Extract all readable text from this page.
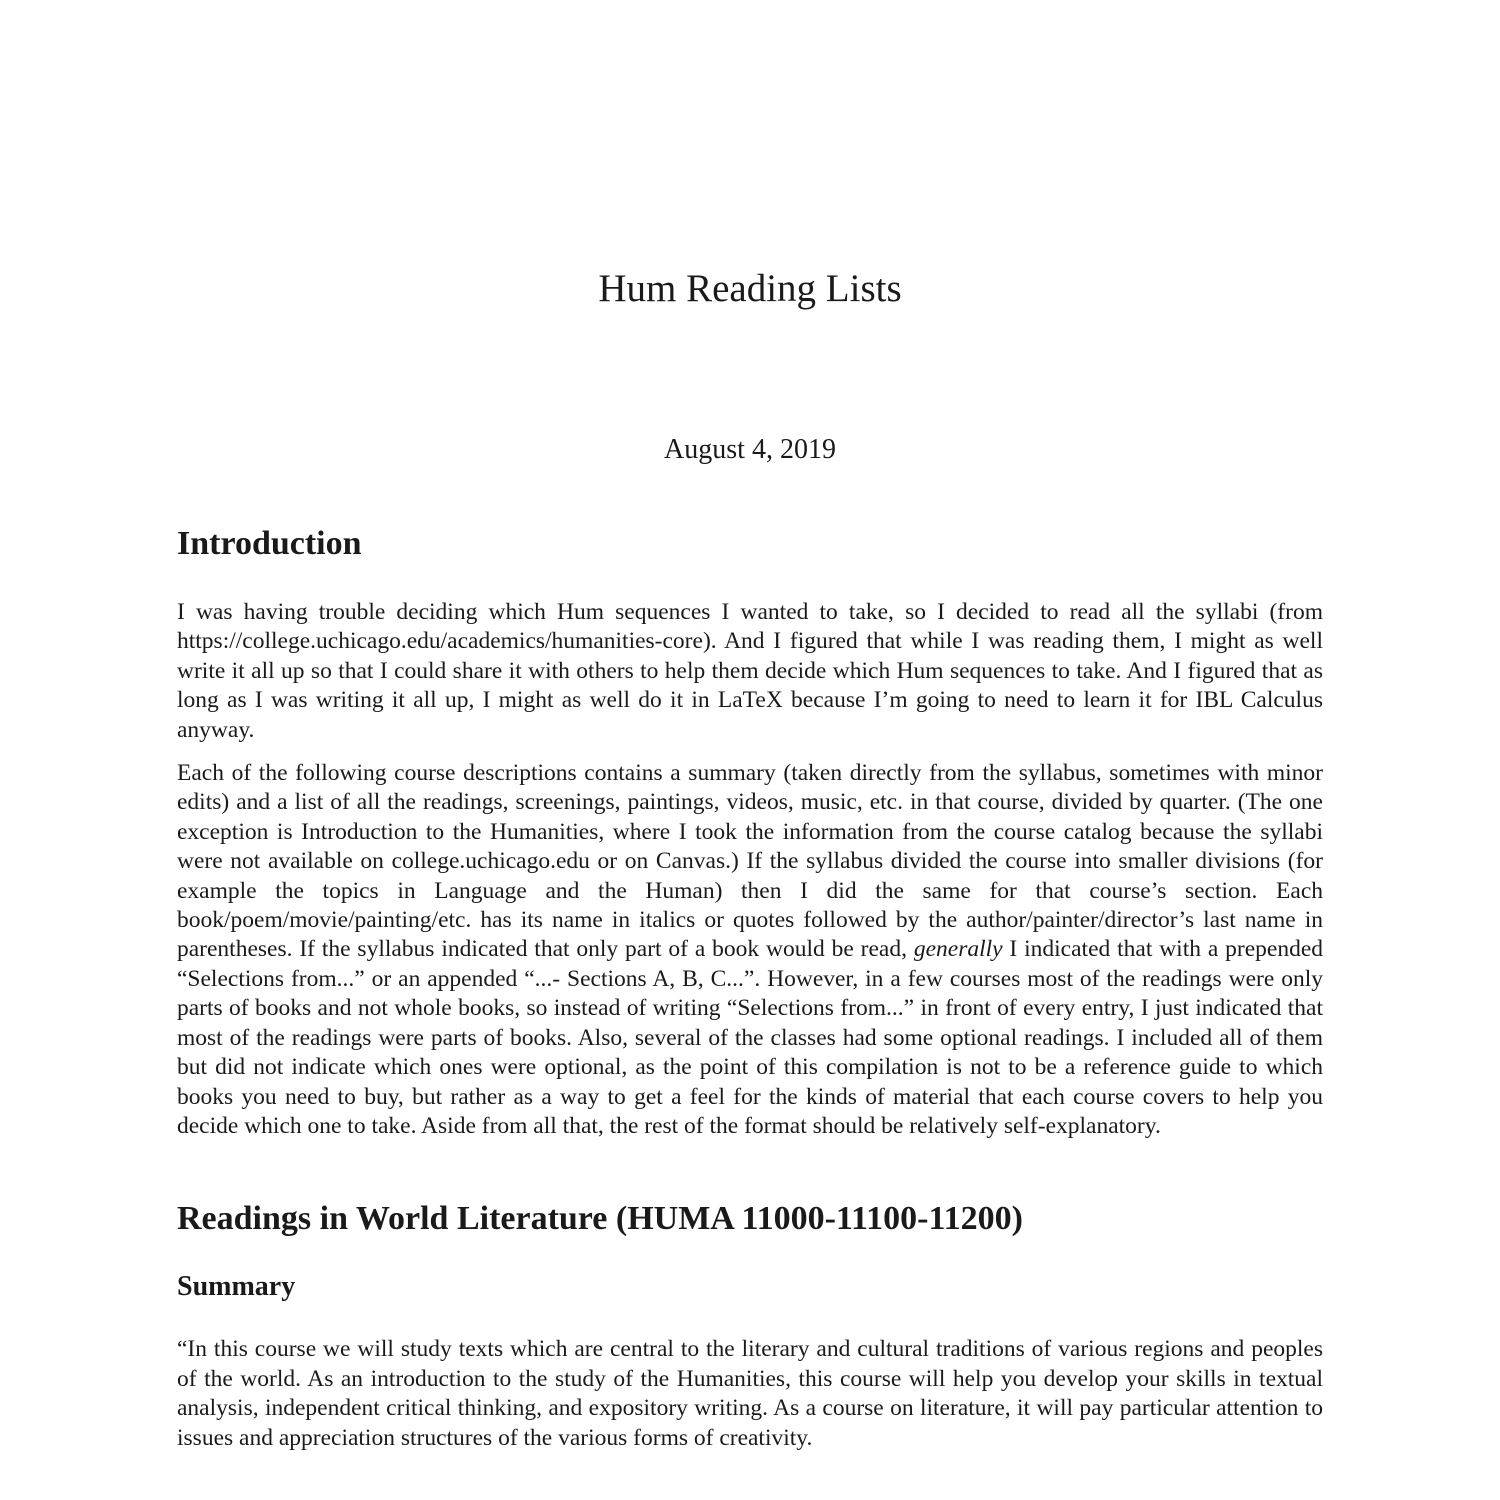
Hum Reading Lists
August 4, 2019
Introduction

I was having trouble deciding which Hum sequences I wanted to take, so I decided to read all the syllabi (from https://college.uchicago.edu/academics/humanities-core). And I figured that while I was reading them, I might as well write it all up so that I could share it with others to help them decide which Hum sequences to take. And I figured that as long as I was writing it all up, I might as well do it in LaTeX because I’m going to need to learn it for IBL Calculus anyway.

Each of the following course descriptions contains a summary (taken directly from the syllabus, sometimes with minor edits) and a list of all the readings, screenings, paintings, videos, music, etc. in that course, divided by quarter. (The one exception is Introduction to the Humanities, where I took the information from the course catalog because the syllabi were not available on college.uchicago.edu or on Canvas.) If the syllabus divided the course into smaller divisions (for example the topics in Language and the Human) then I did the same for that course’s section. Each book/poem/movie/painting/etc. has its name in italics or quotes followed by the author/painter/director’s last name in parentheses. If the syllabus indicated that only part of a book would be read, generally I indicated that with a prepended “Selections from...” or an appended “...- Sections A, B, C...”. However, in a few courses most of the readings were only parts of books and not whole books, so instead of writing “Selections from...” in front of every entry, I just indicated that most of the readings were parts of books. Also, several of the classes had some optional readings. I included all of them but did not indicate which ones were optional, as the point of this compilation is not to be a reference guide to which books you need to buy, but rather as a way to get a feel for the kinds of material that each course covers to help you decide which one to take. Aside from all that, the rest of the format should be relatively self-explanatory.

Readings in World Literature (HUMA 11000-11100-11200)
Summary

“In this course we will study texts which are central to the literary and cultural traditions of various regions and peoples of the world. As an introduction to the study of the Humanities, this course will help you develop your skills in textual analysis, independent critical thinking, and expository writing. As a course on literature, it will pay particular attention to issues and appreciation structures of the various forms of creativity.
